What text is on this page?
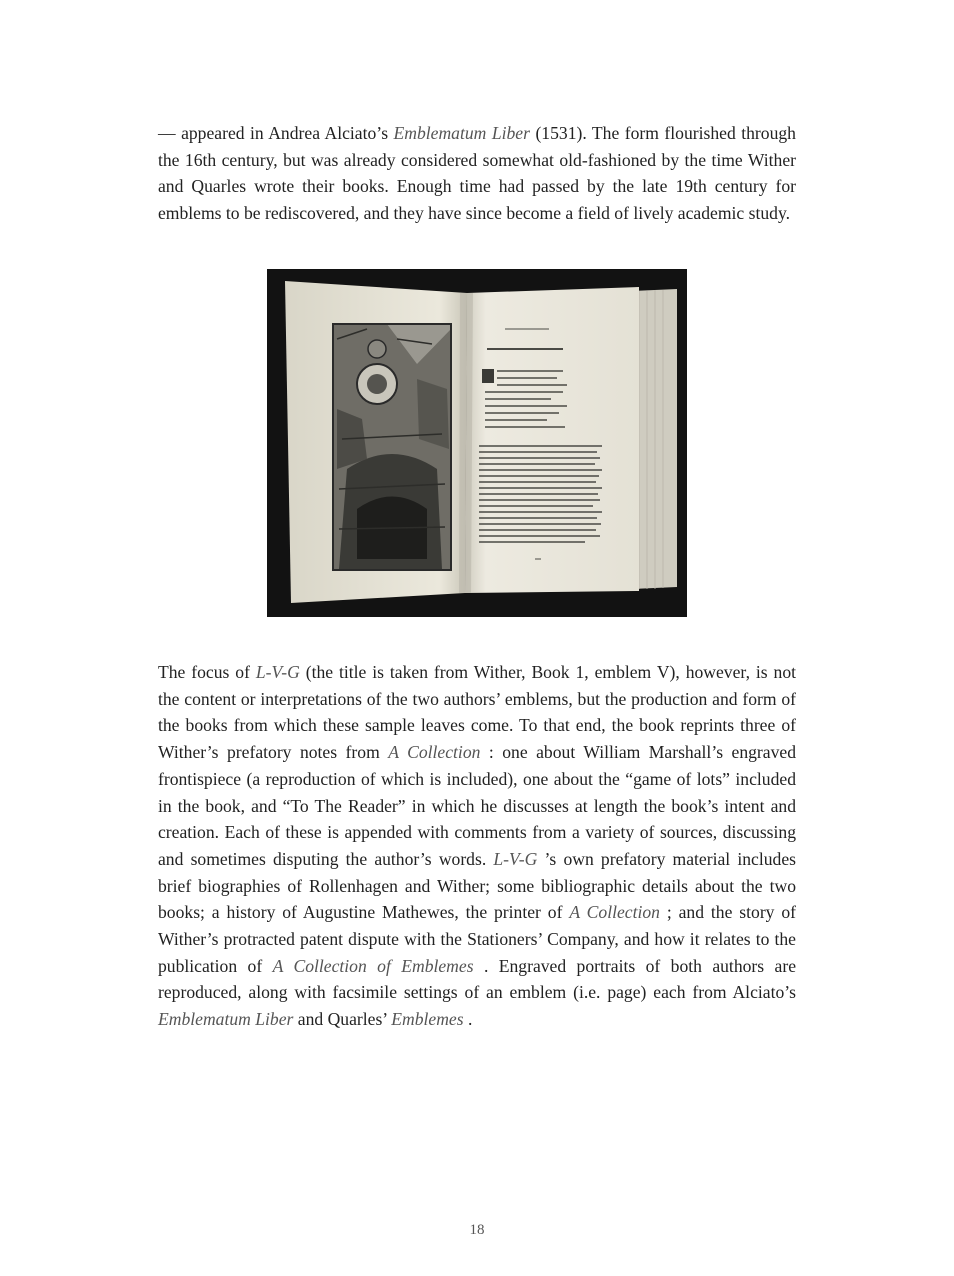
— appeared in Andrea Alciato’s Emblematum Liber (1531). The form flourished through the 16th century, but was already considered somewhat old-fashioned by the time Wither and Quarles wrote their books. Enough time had passed by the late 19th century for emblems to be rediscovered, and they have since become a field of lively academic study.

The focus of L-V-G (the title is taken from Wither, Book 1, emblem V), however, is not the content or interpretations of the two authors’ emblems, but the production and form of the books from which these sample leaves come. To that end, the book reprints three of Wither’s prefatory notes from A Collection : one about William Marshall’s engraved frontispiece (a reproduction of which is included), one about the “game of lots” included in the book, and “To The Reader” in which he discusses at length the book’s intent and creation. Each of these is appended with comments from a variety of sources, discussing and sometimes disputing the author’s words. L-V-G ’s own prefatory material includes brief biographies of Rollenhagen and Wither; some bibliographic details about the two books; a history of Augustine Mathewes, the printer of A Collection ; and the story of Wither’s protracted patent dispute with the Stationers’ Company, and how it relates to the publication of A Collection of Emblemes . Engraved portraits of both authors are reproduced, along with facsimile settings of an emblem (i.e. page) each from Alciato’s Emblematum Liber and Quarles’ Emblemes .

18
